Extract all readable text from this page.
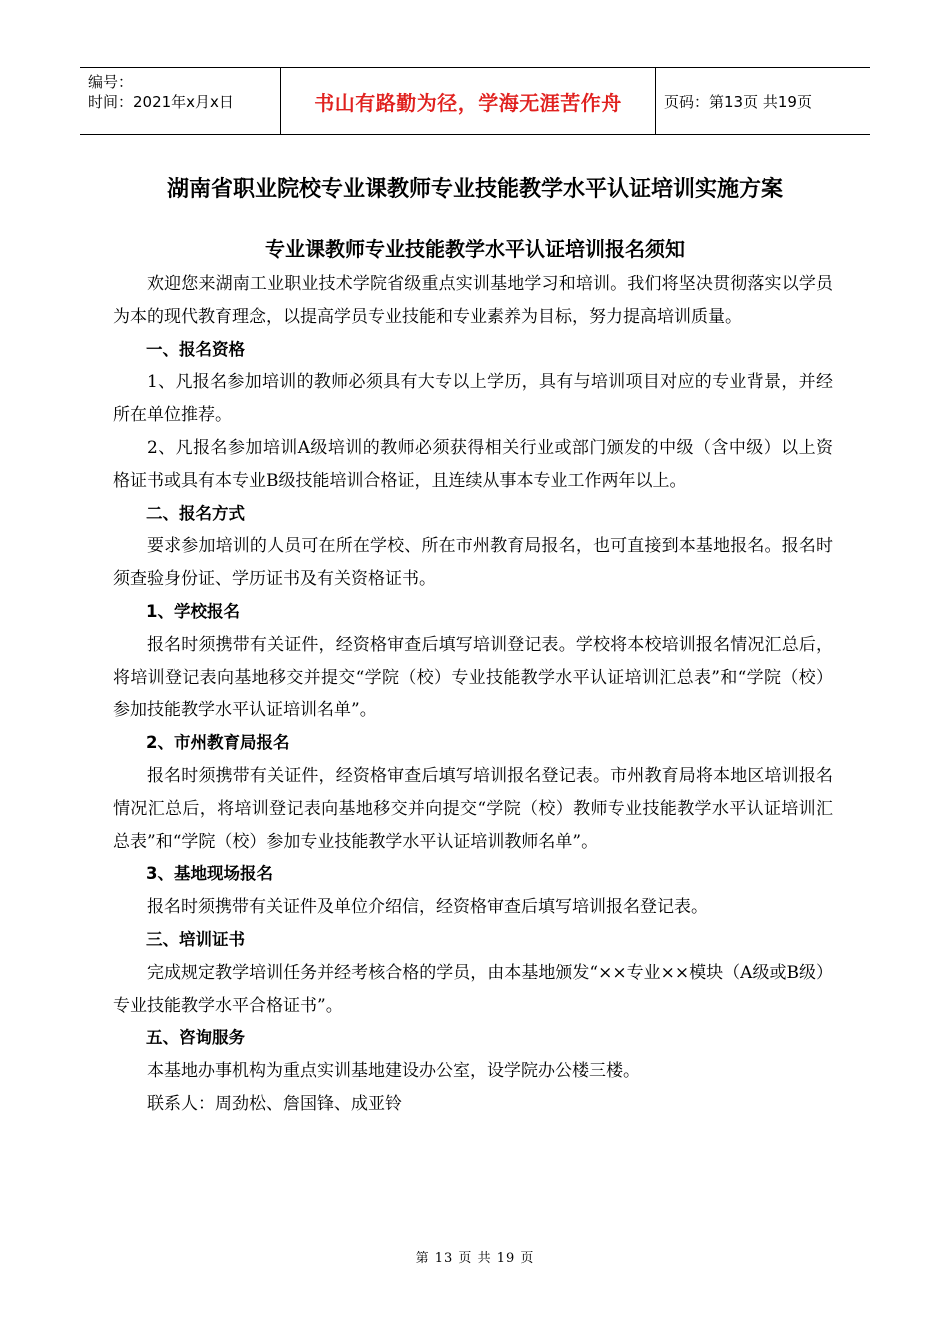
编号：
时间：2021年x月x日	书山有路勤为径，学海无涯苦作舟	页码：第13页 共19页
湖南省职业院校专业课教师专业技能教学水平认证培训实施方案
专业课教师专业技能教学水平认证培训报名须知

欢迎您来湖南工业职业技术学院省级重点实训基地学习和培训。我们将坚决贯彻落实以学员为本的现代教育理念，以提高学员专业技能和专业素养为目标，努力提高培训质量。

一、报名资格

1、凡报名参加培训的教师必须具有大专以上学历，具有与培训项目对应的专业背景，并经所在单位推荐。

2、凡报名参加培训A级培训的教师必须获得相关行业或部门颁发的中级（含中级）以上资格证书或具有本专业B级技能培训合格证，且连续从事本专业工作两年以上。

二、报名方式

要求参加培训的人员可在所在学校、所在市州教育局报名，也可直接到本基地报名。报名时须查验身份证、学历证书及有关资格证书。

1、学校报名

报名时须携带有关证件，经资格审查后填写培训登记表。学校将本校培训报名情况汇总后，将培训登记表向基地移交并提交“学院（校）专业技能教学水平认证培训汇总表”和“学院（校）参加技能教学水平认证培训名单”。

2、市州教育局报名

报名时须携带有关证件，经资格审查后填写培训报名登记表。市州教育局将本地区培训报名情况汇总后，将培训登记表向基地移交并向提交“学院（校）教师专业技能教学水平认证培训汇总表”和“学院（校）参加专业技能教学水平认证培训教师名单”。

3、基地现场报名

报名时须携带有关证件及单位介绍信，经资格审查后填写培训报名登记表。

三、培训证书

完成规定教学培训任务并经考核合格的学员，由本基地颁发“××专业××模块（A级或B级）专业技能教学水平合格证书”。

五、咨询服务

本基地办事机构为重点实训基地建设办公室，设学院办公楼三楼。

联系人：周劲松、詹国锋、成亚铃

第 13 页 共 19 页
